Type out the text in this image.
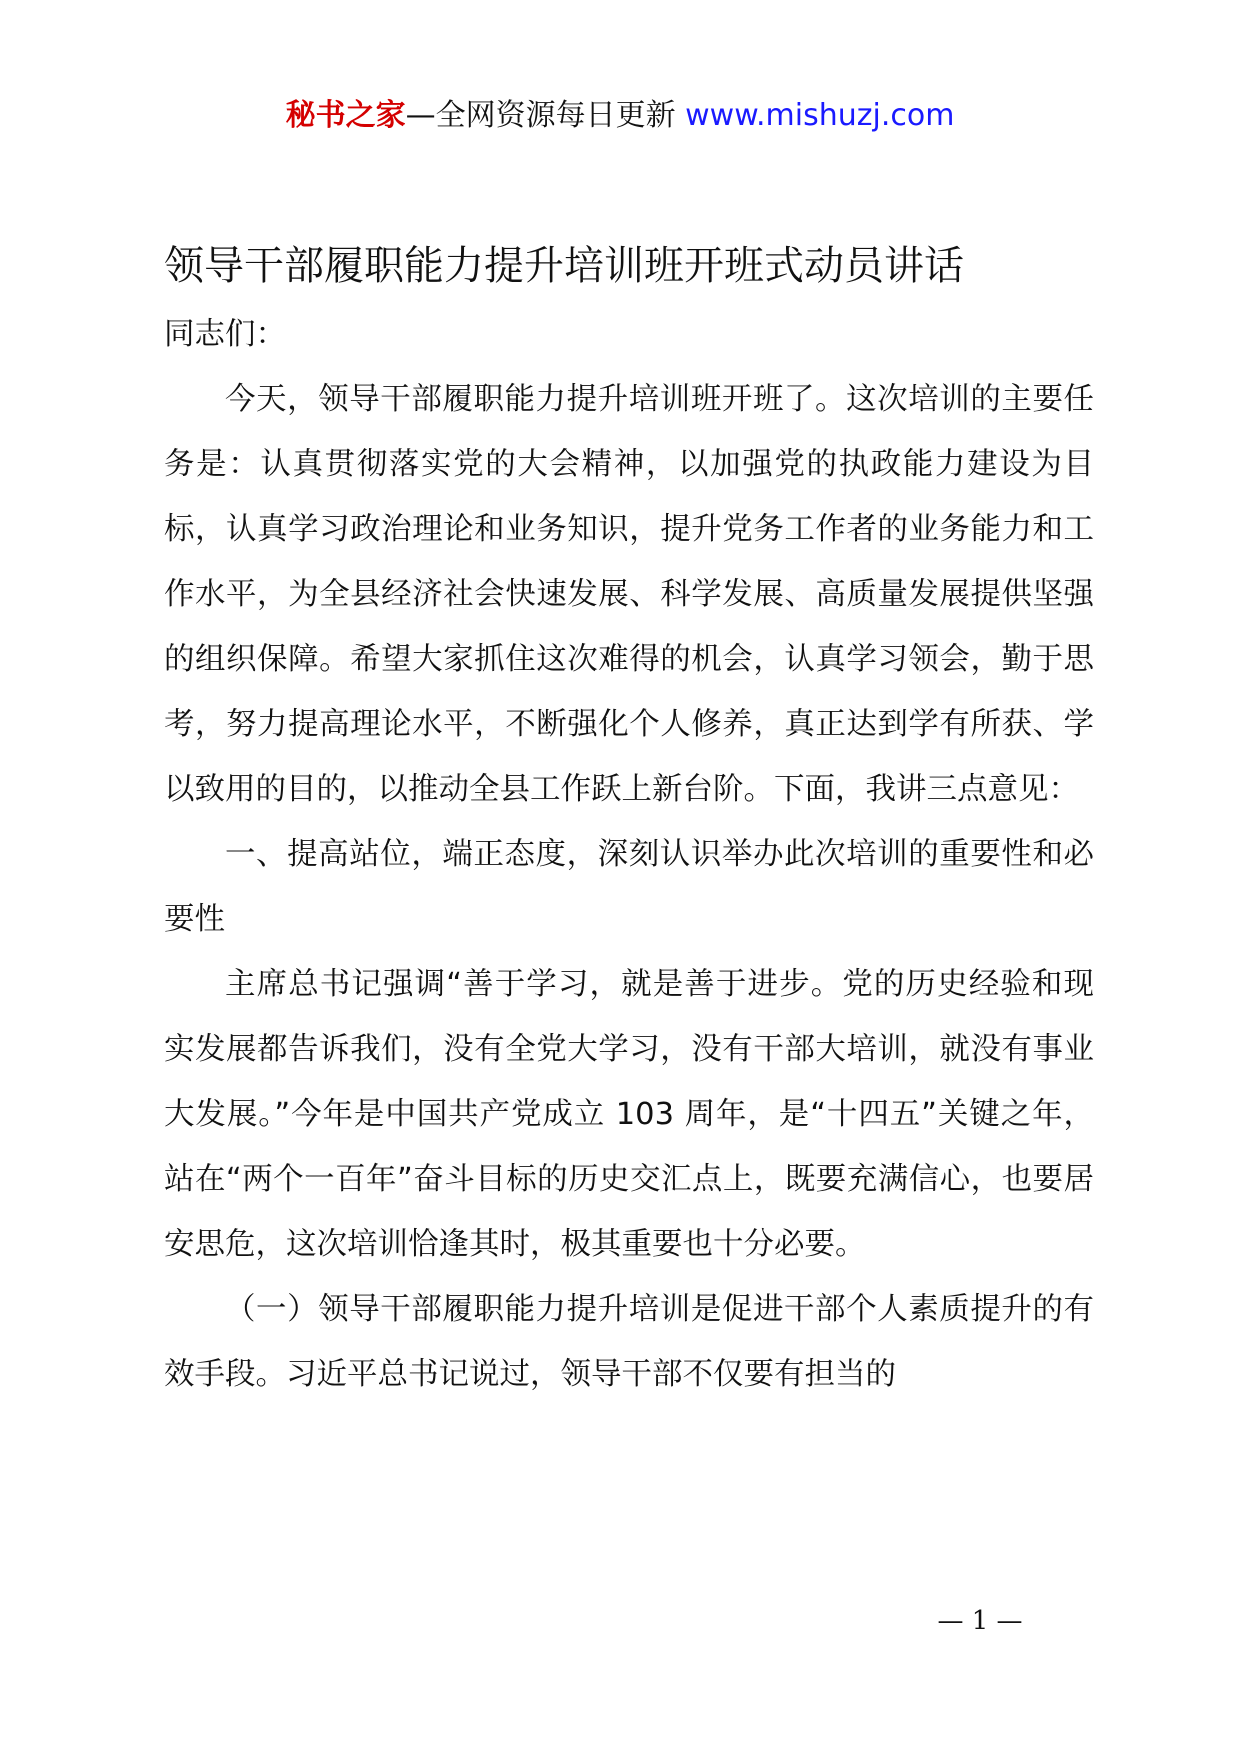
秘书之家—全网资源每日更新 www.mishuzj.com
领导干部履职能力提升培训班开班式动员讲话

同志们：

今天，领导干部履职能力提升培训班开班了。这次培训的主要任务是：认真贯彻落实党的大会精神，以加强党的执政能力建设为目标，认真学习政治理论和业务知识，提升党务工作者的业务能力和工作水平，为全县经济社会快速发展、科学发展、高质量发展提供坚强的组织保障。希望大家抓住这次难得的机会，认真学习领会，勤于思考，努力提高理论水平，不断强化个人修养，真正达到学有所获、学以致用的目的，以推动全县工作跃上新台阶。下面，我讲三点意见：

一、提高站位，端正态度，深刻认识举办此次培训的重要性和必要性

主席总书记强调“善于学习，就是善于进步。党的历史经验和现实发展都告诉我们，没有全党大学习，没有干部大培训，就没有事业大发展。”今年是中国共产党成立 103 周年，是“十四五”关键之年，站在“两个一百年”奋斗目标的历史交汇点上，既要充满信心，也要居安思危，这次培训恰逢其时，极其重要也十分必要。

（一）领导干部履职能力提升培训是促进干部个人素质提升的有效手段。习近平总书记说过，领导干部不仅要有担当的

— 1 —
